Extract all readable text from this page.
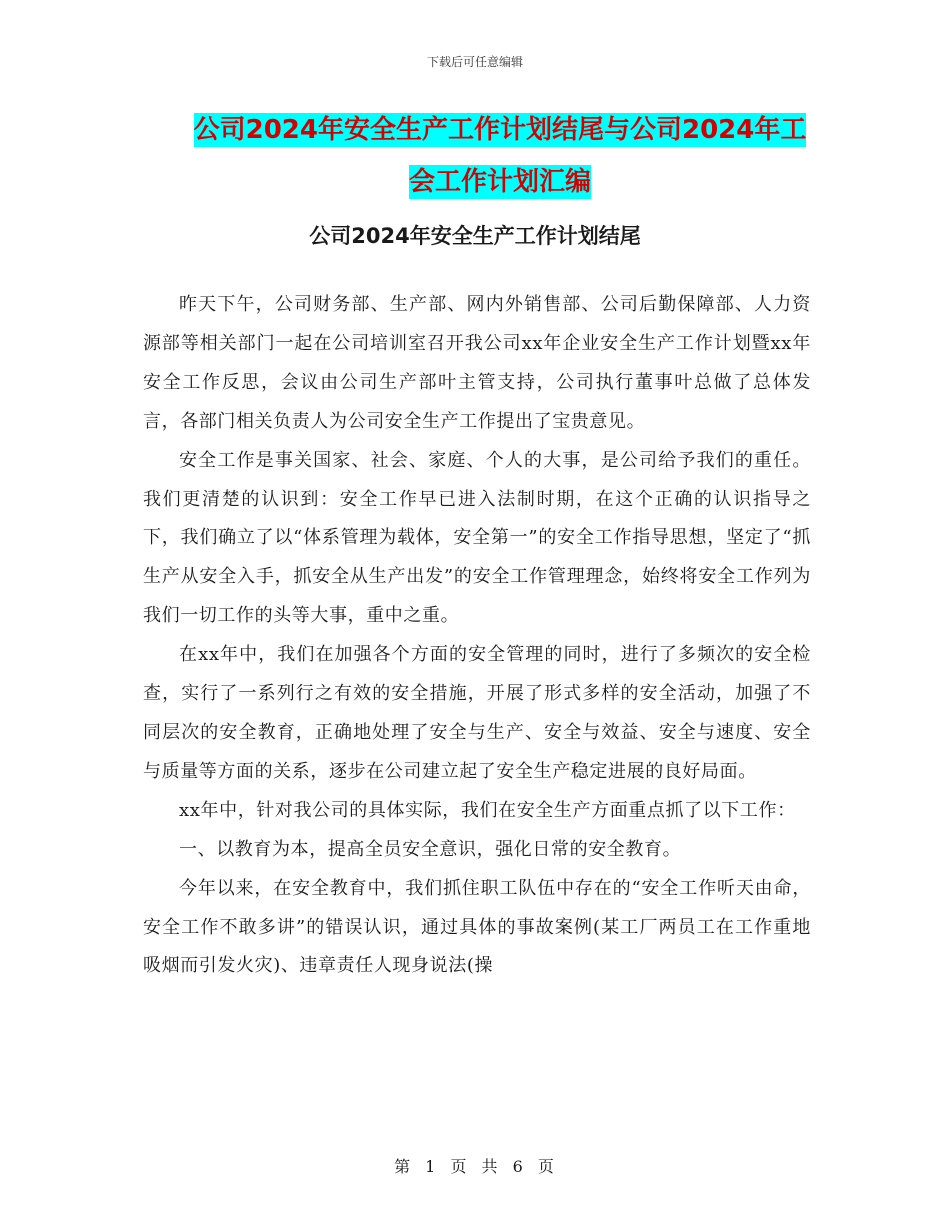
下载后可任意编辑
公司2024年安全生产工作计划结尾与公司2024年工
会工作计划汇编
公司2024年安全生产工作计划结尾

昨天下午，公司财务部、生产部、网内外销售部、公司后勤保障部、人力资源部等相关部门一起在公司培训室召开我公司xx年企业安全生产工作计划暨xx年安全工作反思，会议由公司生产部叶主管支持，公司执行董事叶总做了总体发言，各部门相关负责人为公司安全生产工作提出了宝贵意见。

安全工作是事关国家、社会、家庭、个人的大事，是公司给予我们的重任。我们更清楚的认识到：安全工作早已进入法制时期，在这个正确的认识指导之下，我们确立了以“体系管理为载体，安全第一”的安全工作指导思想，坚定了“抓生产从安全入手，抓安全从生产出发”的安全工作管理理念，始终将安全工作列为我们一切工作的头等大事，重中之重。

在xx年中，我们在加强各个方面的安全管理的同时，进行了多频次的安全检查，实行了一系列行之有效的安全措施，开展了形式多样的安全活动，加强了不同层次的安全教育，正确地处理了安全与生产、安全与效益、安全与速度、安全与质量等方面的关系，逐步在公司建立起了安全生产稳定进展的良好局面。

xx年中，针对我公司的具体实际，我们在安全生产方面重点抓了以下工作：

一、以教育为本，提高全员安全意识，强化日常的安全教育。

今年以来，在安全教育中，我们抓住职工队伍中存在的“安全工作听天由命，安全工作不敢多讲”的错误认识，通过具体的事故案例(某工厂两员工在工作重地吸烟而引发火灾)、违章责任人现身说法(操

第 1 页 共 6 页
